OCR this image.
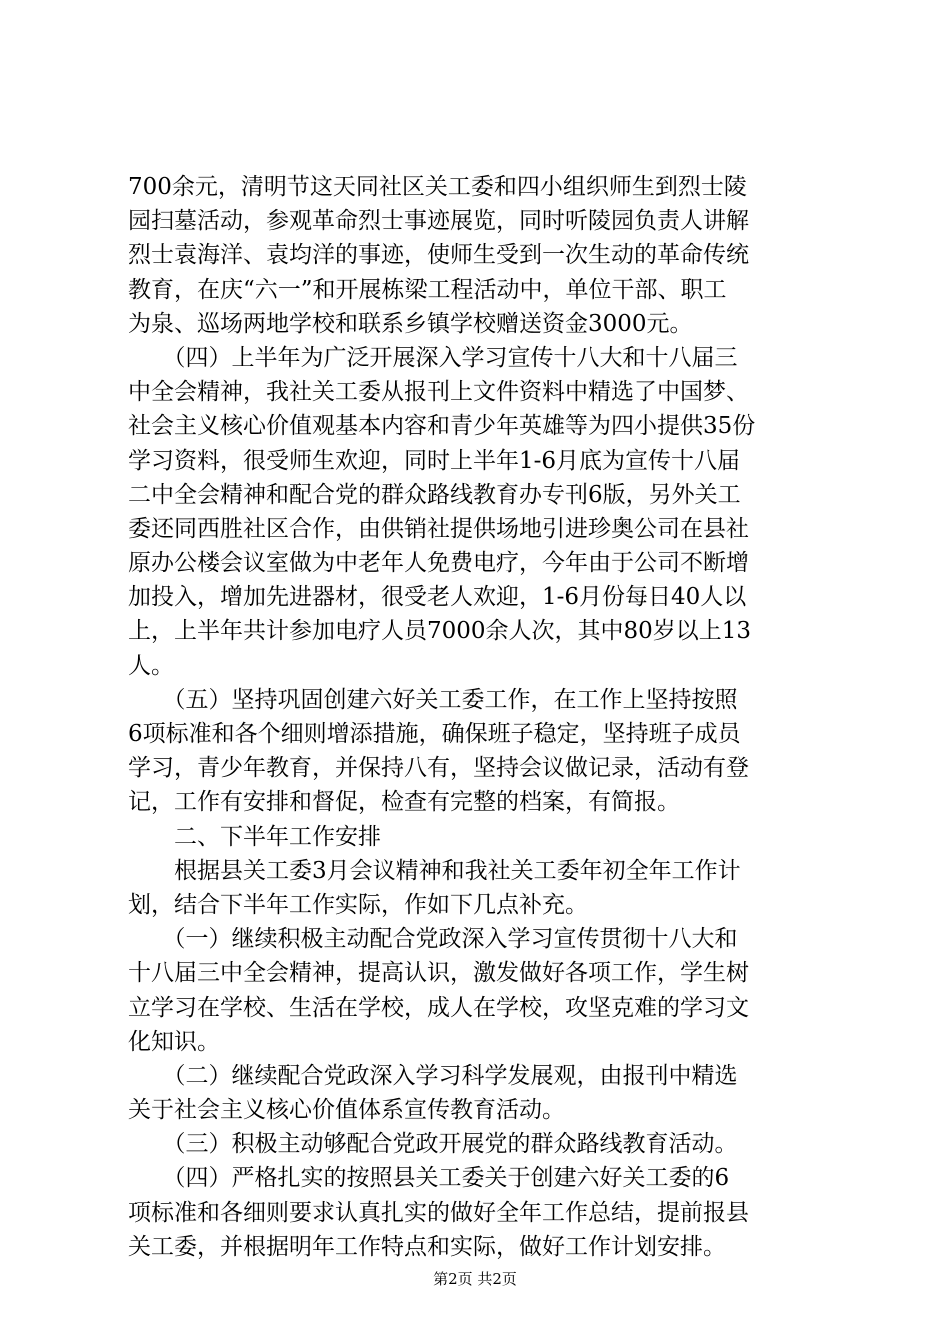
700余元，清明节这天同社区关工委和四小组织师生到烈士陵
园扫墓活动，参观革命烈士事迹展览，同时听陵园负责人讲解
烈士袁海洋、袁均洋的事迹，使师生受到一次生动的革命传统
教育，在庆“六一”和开展栋梁工程活动中，单位干部、职工
为泉、巡场两地学校和联系乡镇学校赠送资金3000元。
　　（四）上半年为广泛开展深入学习宣传十八大和十八届三
中全会精神，我社关工委从报刊上文件资料中精选了中国梦、
社会主义核心价值观基本内容和青少年英雄等为四小提供35份
学习资料，很受师生欢迎，同时上半年1-6月底为宣传十八届
二中全会精神和配合党的群众路线教育办专刊6版，另外关工
委还同西胜社区合作，由供销社提供场地引进珍奥公司在县社
原办公楼会议室做为中老年人免费电疗，今年由于公司不断增
加投入，增加先进器材，很受老人欢迎，1-6月份每日40人以
上，上半年共计参加电疗人员7000余人次，其中80岁以上13
人。
　　（五）坚持巩固创建六好关工委工作，在工作上坚持按照
6项标准和各个细则增添措施，确保班子稳定，坚持班子成员
学习，青少年教育，并保持八有，坚持会议做记录，活动有登
记，工作有安排和督促，检查有完整的档案，有简报。
　　二、下半年工作安排
　　根据县关工委3月会议精神和我社关工委年初全年工作计
划，结合下半年工作实际，作如下几点补充。
　　（一）继续积极主动配合党政深入学习宣传贯彻十八大和
十八届三中全会精神，提高认识，激发做好各项工作，学生树
立学习在学校、生活在学校，成人在学校，攻坚克难的学习文
化知识。
　　（二）继续配合党政深入学习科学发展观，由报刊中精选
关于社会主义核心价值体系宣传教育活动。
　　（三）积极主动够配合党政开展党的群众路线教育活动。
　　（四）严格扎实的按照县关工委关于创建六好关工委的6
项标准和各细则要求认真扎实的做好全年工作总结，提前报县
关工委，并根据明年工作特点和实际，做好工作计划安排。
第2页 共2页
